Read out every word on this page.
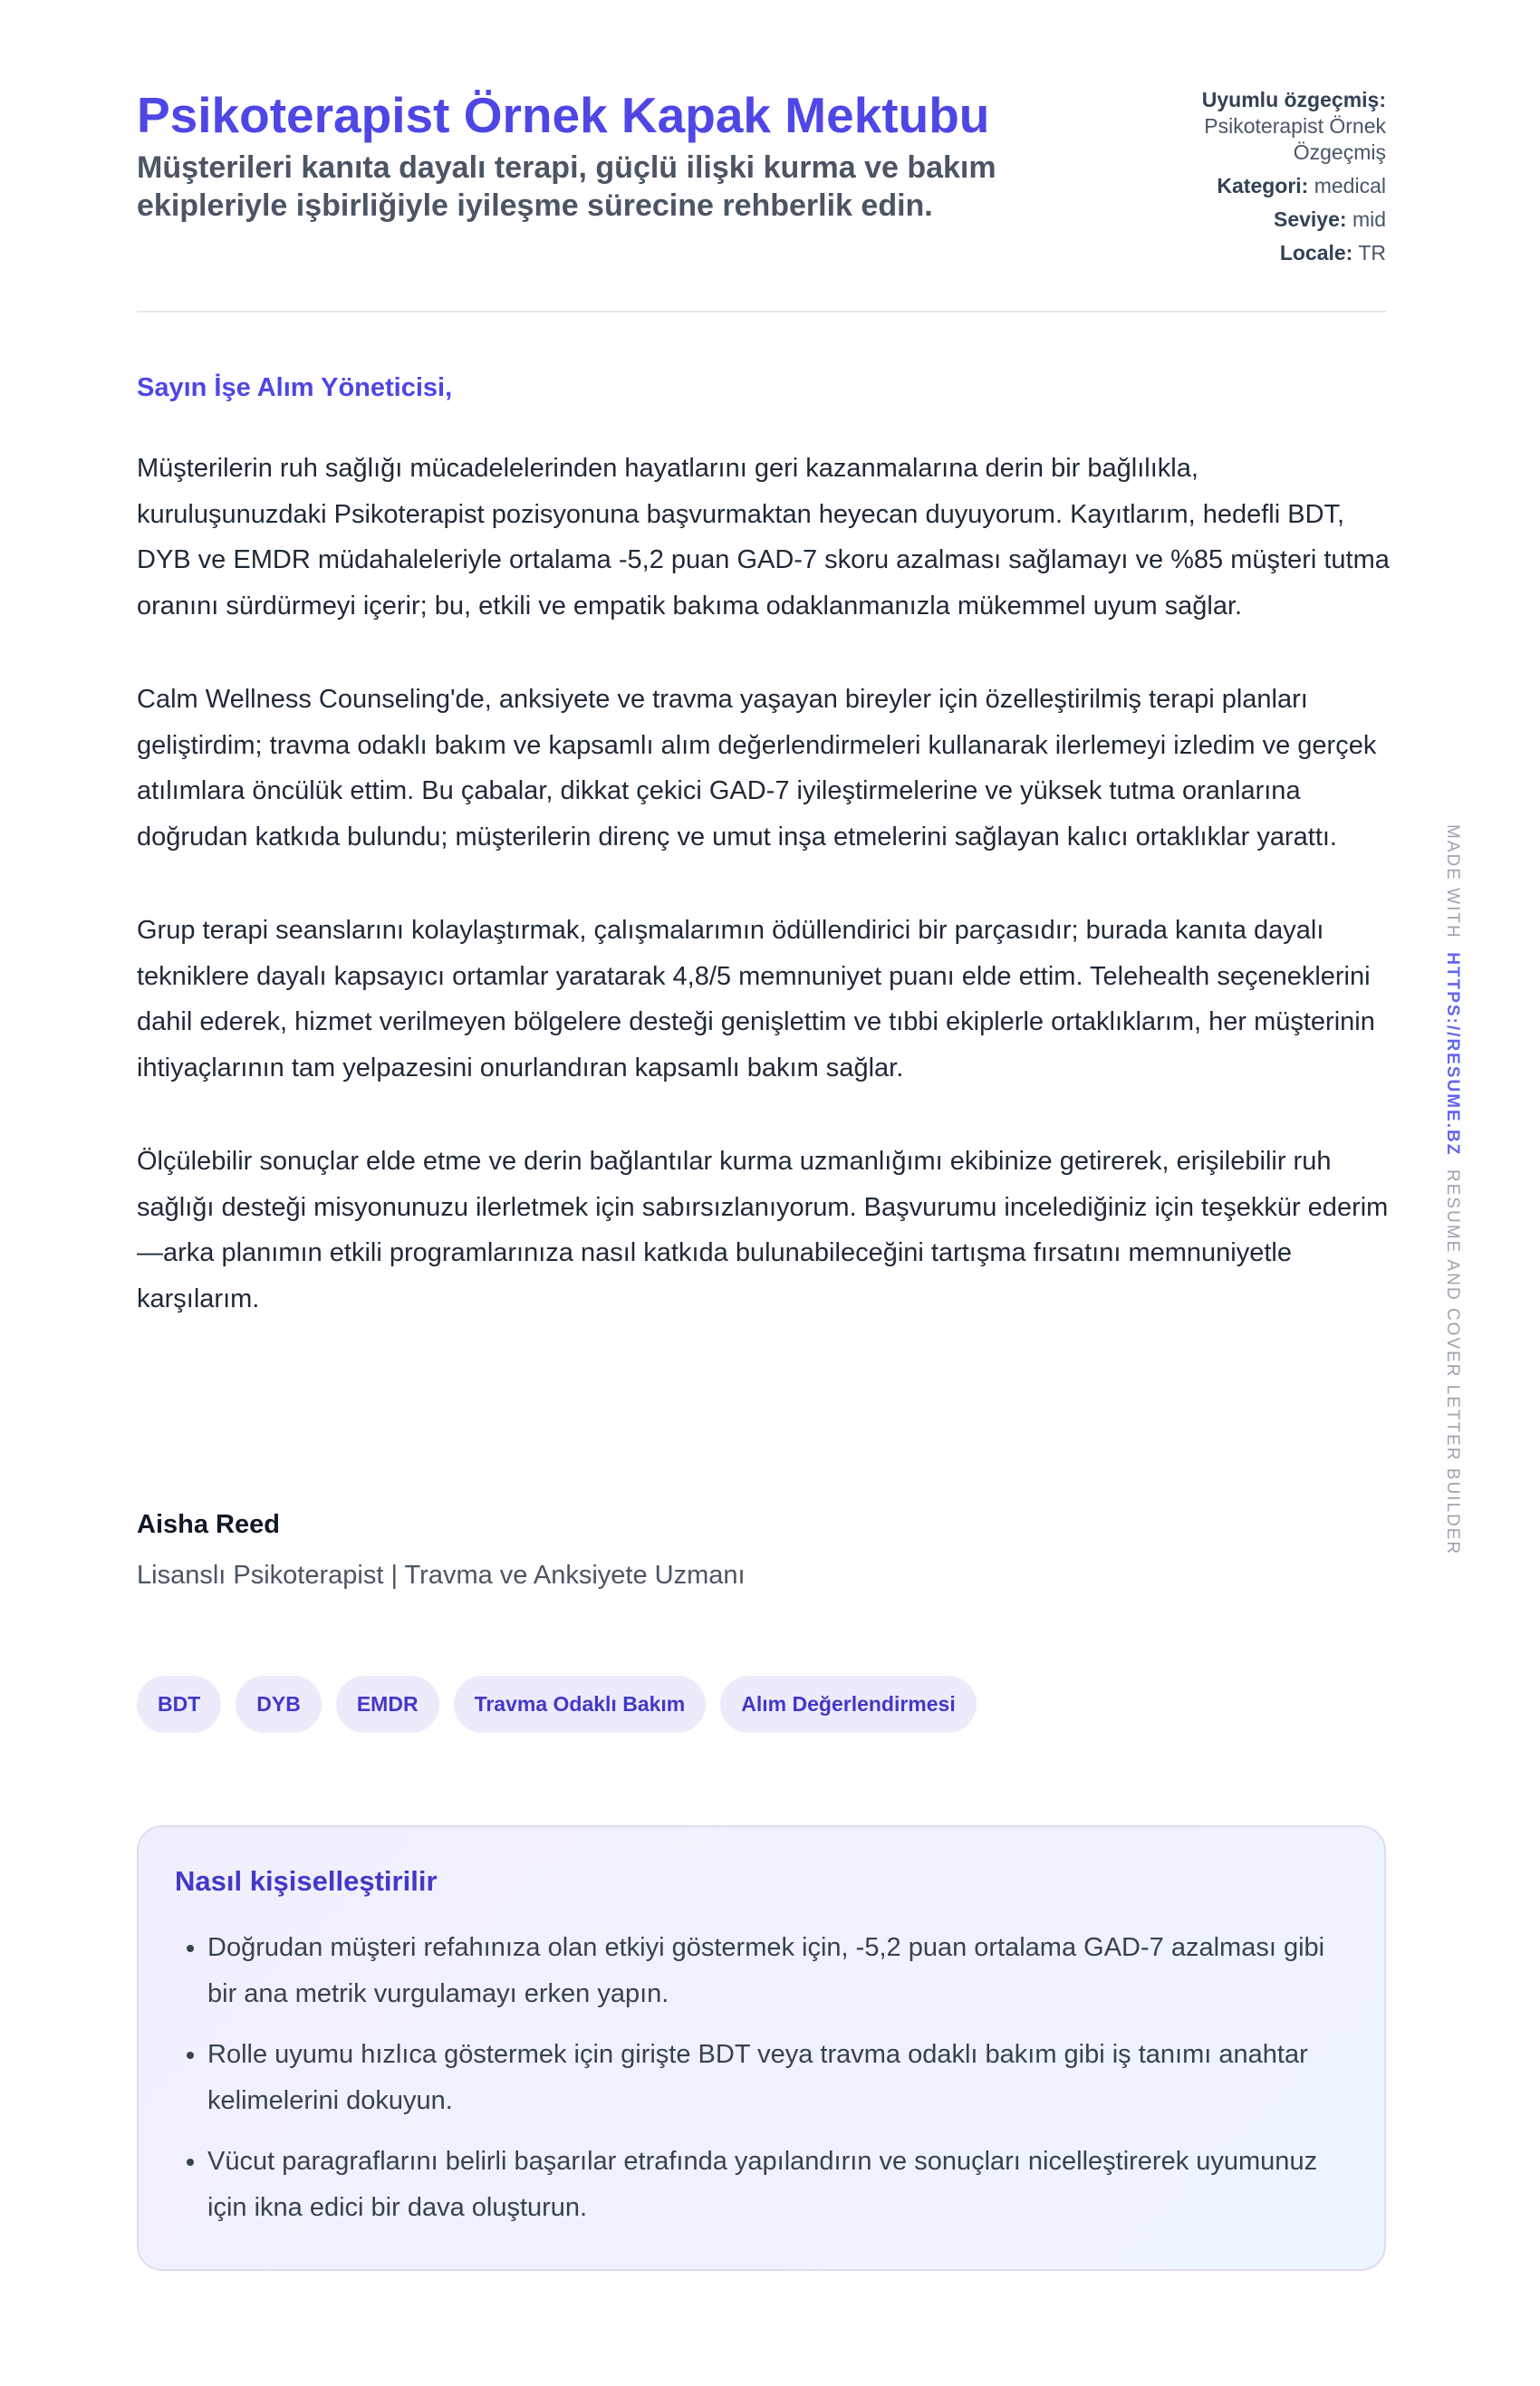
Psikoterapist Örnek Kapak Mektubu
Müşterileri kanıta dayalı terapi, güçlü ilişki kurma ve bakım ekipleriyle işbirliğiyle iyileşme sürecine rehberlik edin.
Uyumlu özgeçmiş:
Psikoterapist Örnek Özgeçmiş
Kategori: medical
Seviye: mid
Locale: TR
Sayın İşe Alım Yöneticisi,

Müşterilerin ruh sağlığı mücadelelerinden hayatlarını geri kazanmalarına derin bir bağlılıkla, kuruluşunuzdaki Psikoterapist pozisyonuna başvurmaktan heyecan duyuyorum. Kayıtlarım, hedefli BDT, DYB ve EMDR müdahaleleriyle ortalama -5,2 puan GAD-7 skoru azalması sağlamayı ve %85 müşteri tutma oranını sürdürmeyi içerir; bu, etkili ve empatik bakıma odaklanmanızla mükemmel uyum sağlar.

Calm Wellness Counseling'de, anksiyete ve travma yaşayan bireyler için özelleştirilmiş terapi planları geliştirdim; travma odaklı bakım ve kapsamlı alım değerlendirmeleri kullanarak ilerlemeyi izledim ve gerçek atılımlara öncülük ettim. Bu çabalar, dikkat çekici GAD-7 iyileştirmelerine ve yüksek tutma oranlarına doğrudan katkıda bulundu; müşterilerin direnç ve umut inşa etmelerini sağlayan kalıcı ortaklıklar yarattı.

Grup terapi seanslarını kolaylaştırmak, çalışmalarımın ödüllendirici bir parçasıdır; burada kanıta dayalı tekniklere dayalı kapsayıcı ortamlar yaratarak 4,8/5 memnuniyet puanı elde ettim. Telehealth seçeneklerini dahil ederek, hizmet verilmeyen bölgelere desteği genişlettim ve tıbbi ekiplerle ortaklıklarım, her müşterinin ihtiyaçlarının tam yelpazesini onurlandıran kapsamlı bakım sağlar.

Ölçülebilir sonuçlar elde etme ve derin bağlantılar kurma uzmanlığımı ekibinize getirerek, erişilebilir ruh sağlığı desteği misyonunuzu ilerletmek için sabırsızlanıyorum. Başvurumu incelediğiniz için teşekkür ederim—arka planımın etkili programlarınıza nasıl katkıda bulunabileceğini tartışma fırsatını memnuniyetle karşılarım.

Aisha Reed
Lisanslı Psikoterapist | Travma ve Anksiyete Uzmanı
BDT	DYB	EMDR	Travma Odaklı Bakım	Alım Değerlendirmesi
Nasıl kişiselleştirilir
• Doğrudan müşteri refahınıza olan etkiyi göstermek için, -5,2 puan ortalama GAD-7 azalması gibi bir ana metrik vurgulamayı erken yapın.
• Rolle uyumu hızlıca göstermek için girişte BDT veya travma odaklı bakım gibi iş tanımı anahtar kelimelerini dokuyun.
• Vücut paragraflarını belirli başarılar etrafında yapılandırın ve sonuçları nicelleştirerek uyumunuz için ikna edici bir dava oluşturun.
MADE WITH  HTTPS://RESUME.BZ  RESUME AND COVER LETTER BUILDER
